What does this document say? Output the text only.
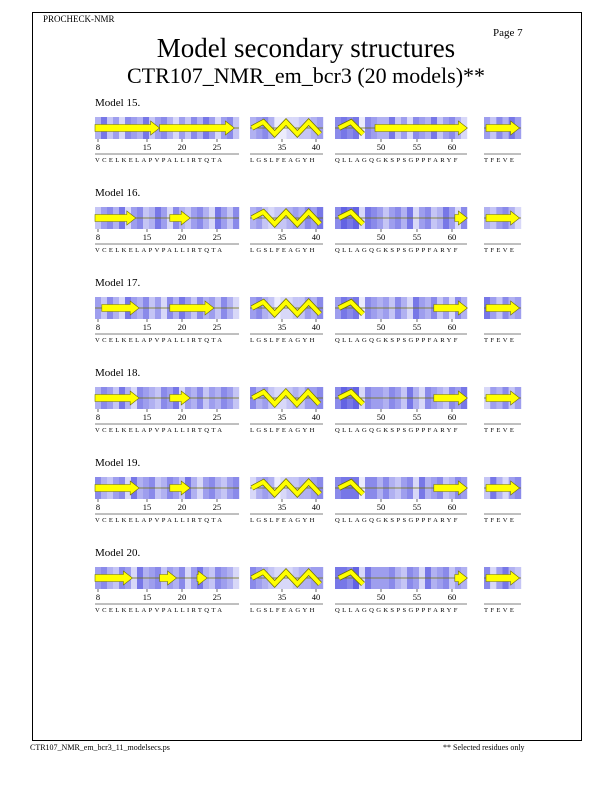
PROCHECK-NMR
Page 7
Model secondary structures
CTR107_NMR_em_bcr3 (20 models)**
Model 15.
8	15	20	25
VCELKELAPVPALLIRTQTA
35	40
LGSLFEAGYH
50	55	60
QLLAGQGKSPSGPPFARYF	TFEVE
Model 16.
8	15	20	25
VCELKELAPVPALLIRTQTA
35	40
LGSLFEAGYH
50	55	60
QLLAGQGKSPSGPPFARYF	TFEVE
Model 17.
8	15	20	25
VCELKELAPVPALLIRTQTA
35	40
LGSLFEAGYH
50	55	60
QLLAGQGKSPSGPPFARYF	TFEVE
Model 18.
8	15	20	25
VCELKELAPVPALLIRTQTA
35	40
LGSLFEAGYH
50	55	60
QLLAGQGKSPSGPPFARYF	TFEVE
Model 19.
8	15	20	25
VCELKELAPVPALLIRTQTA
35	40
LGSLFEAGYH
50	55	60
QLLAGQGKSPSGPPFARYF	TFEVE
Model 20.
8	15	20	25
VCELKELAPVPALLIRTQTA
35	40
LGSLFEAGYH
50	55	60
QLLAGQGKSPSGPPFARYF	TFEVE
CTR107_NMR_em_bcr3_11_modelsecs.ps	** Selected residues only
